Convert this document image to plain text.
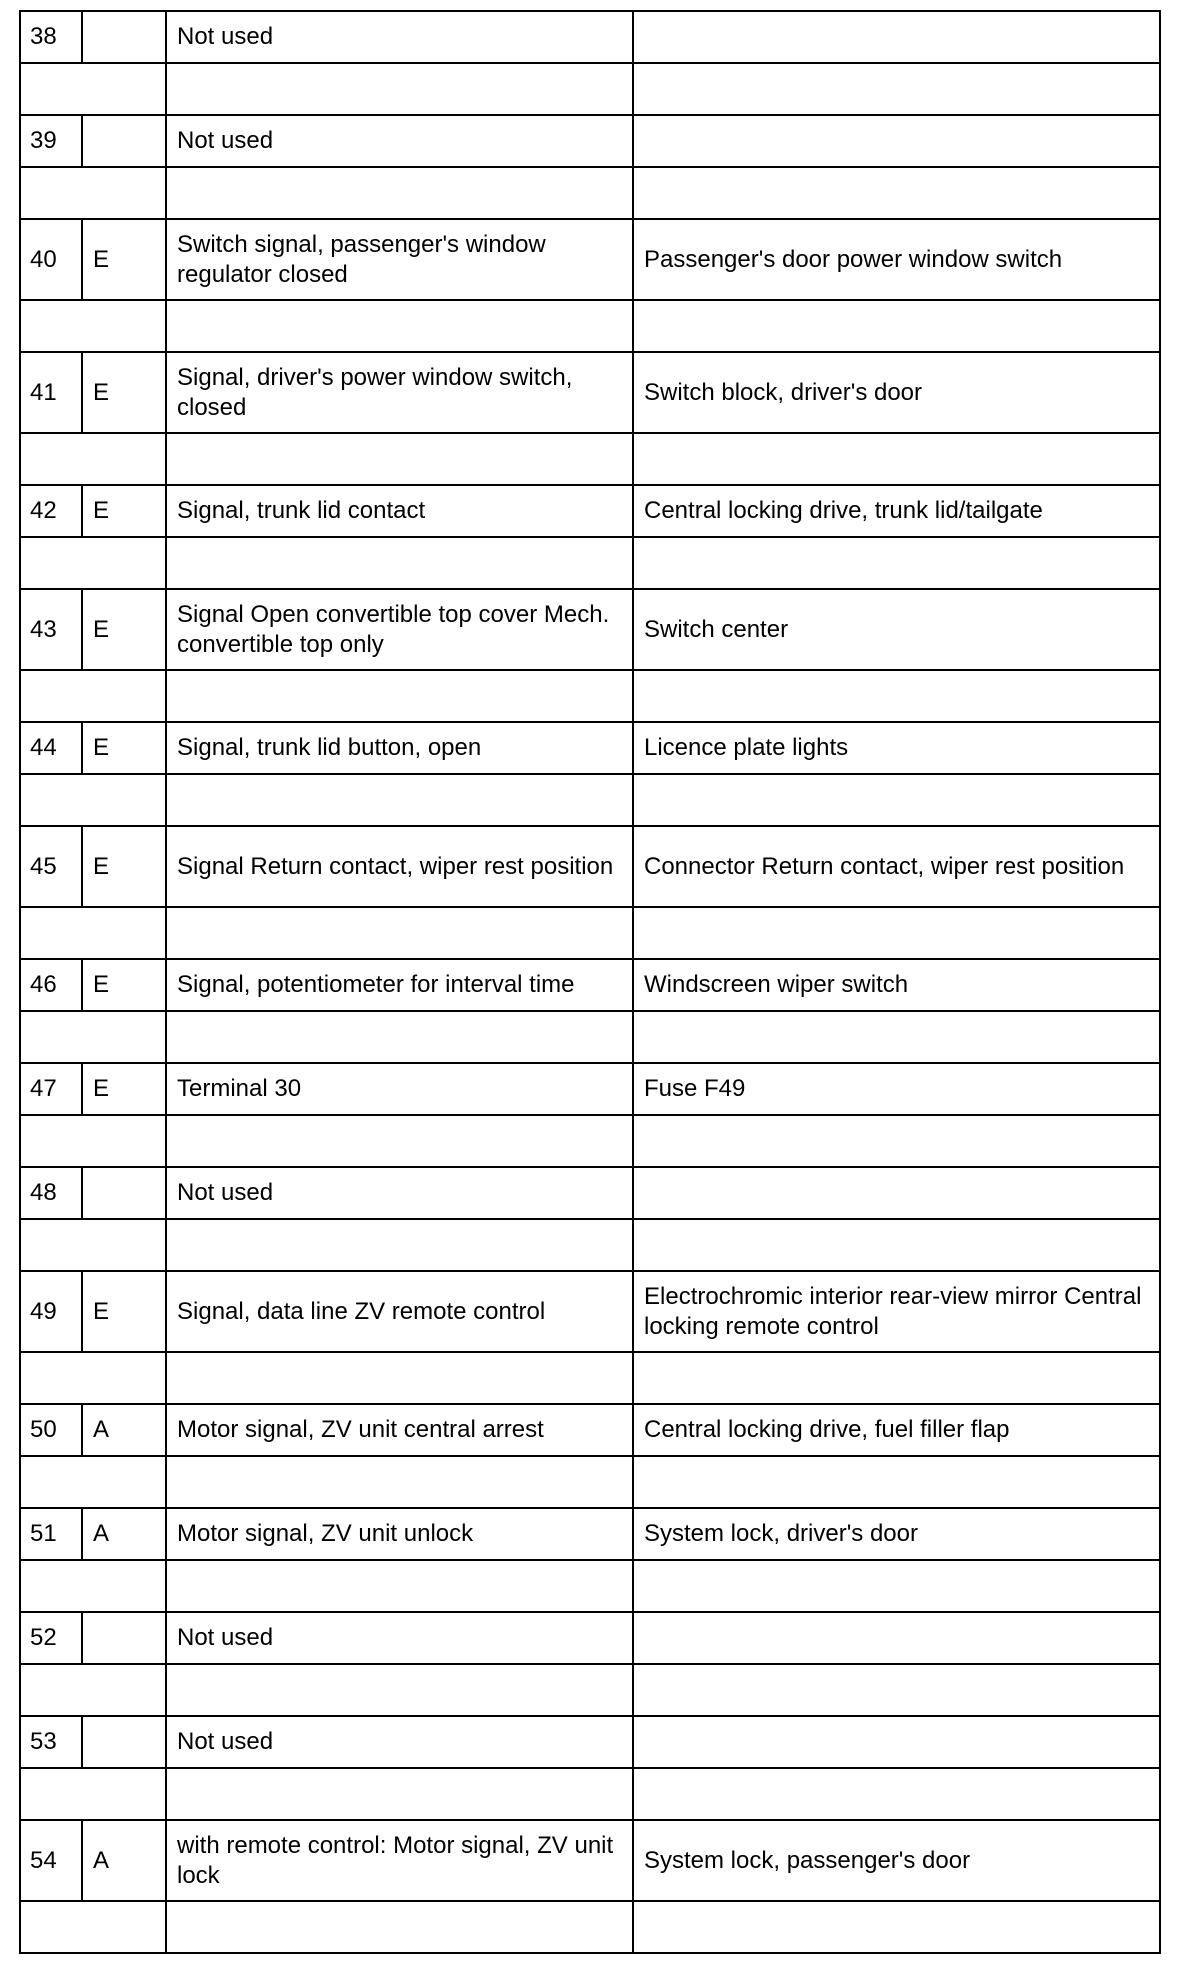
38		Not used	

39		Not used	

40	E	Switch signal, passenger's window regulator closed	Passenger's door power window switch

41	E	Signal, driver's power window switch, closed	Switch block, driver's door

42	E	Signal, trunk lid contact	Central locking drive, trunk lid/tailgate

43	E	Signal Open convertible top cover Mech. convertible top only	Switch center

44	E	Signal, trunk lid button, open	Licence plate lights

45	E	Signal Return contact, wiper rest position	Connector Return contact, wiper rest position

46	E	Signal, potentiometer for interval time	Windscreen wiper switch

47	E	Terminal 30	Fuse F49

48		Not used	

49	E	Signal, data line ZV remote control	Electrochromic interior rear-view mirror Central locking remote control

50	A	Motor signal, ZV unit central arrest	Central locking drive, fuel filler flap

51	A	Motor signal, ZV unit unlock	System lock, driver's door

52		Not used	

53		Not used	

54	A	with remote control: Motor signal, ZV unit lock	System lock, passenger's door
